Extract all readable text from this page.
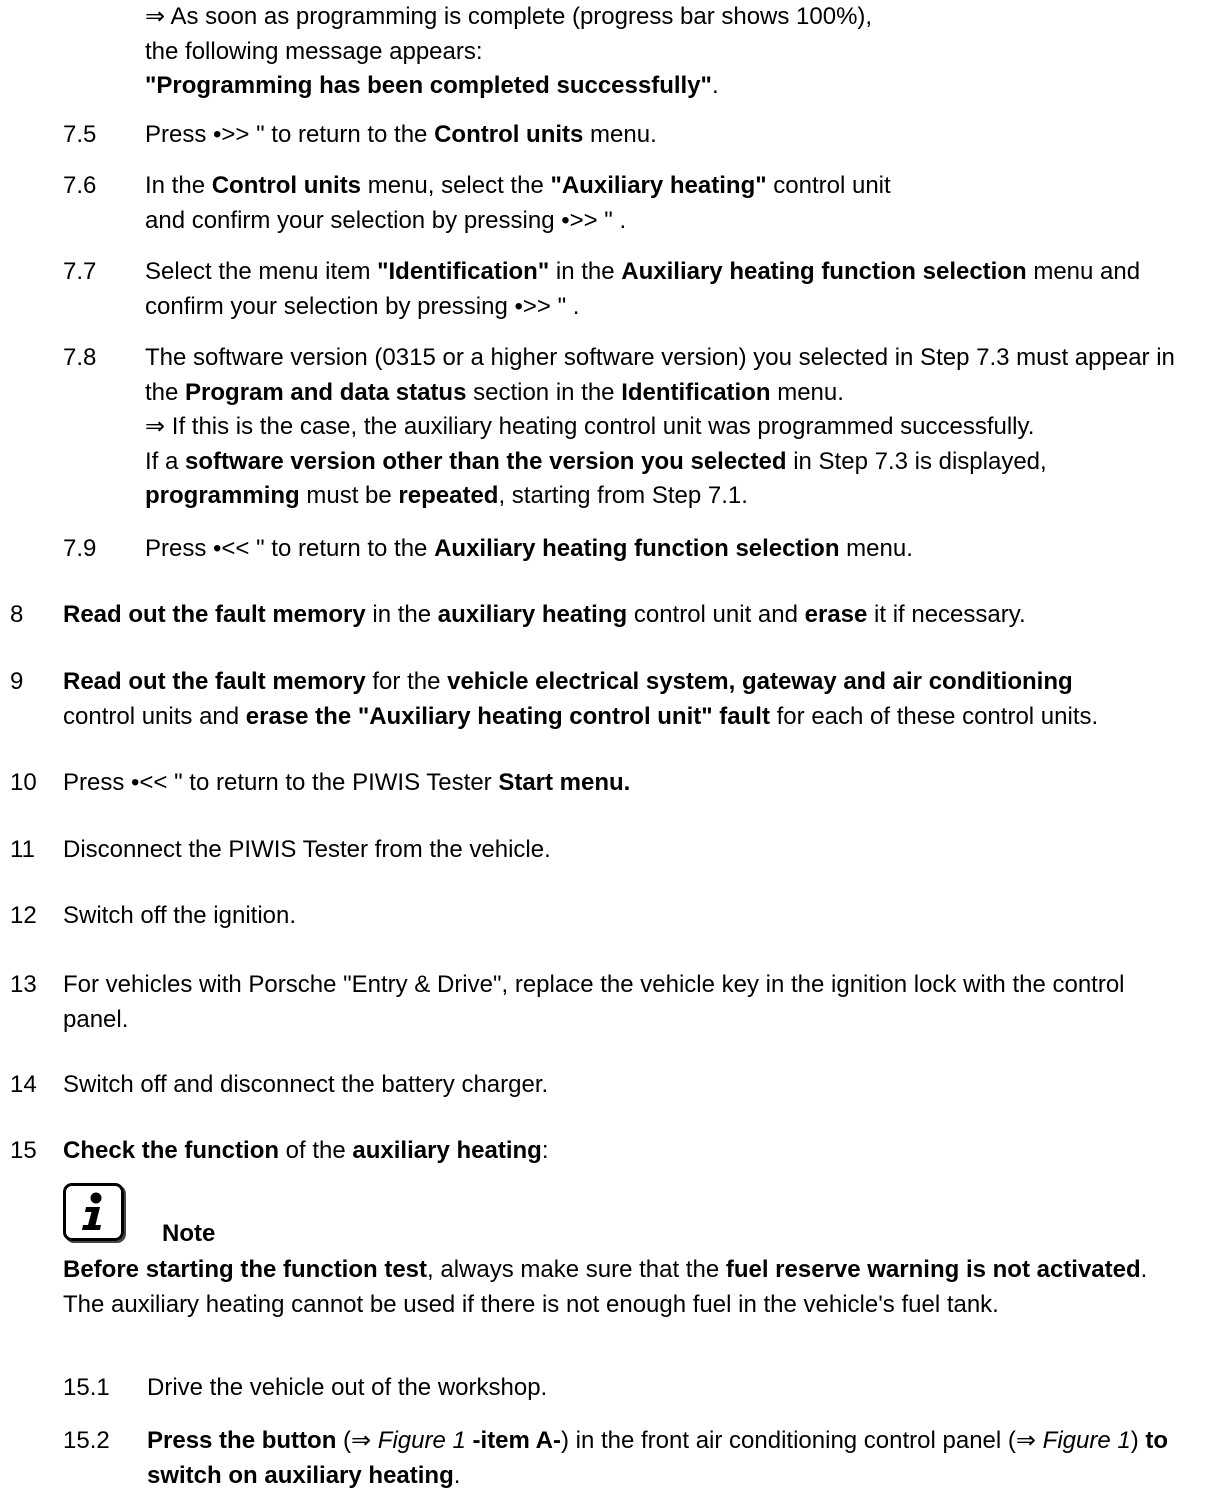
⇒ As soon as programming is complete (progress bar shows 100%),
the following message appears:
"Programming has been completed successfully".
7.5 Press •>> " to return to the Control units menu.
7.6 In the Control units menu, select the "Auxiliary heating" control unit
and confirm your selection by pressing •>> " .
7.7 Select the menu item "Identification" in the Auxiliary heating function selection menu and
confirm your selection by pressing •>> " .
7.8 The software version (0315 or a higher software version) you selected in Step 7.3 must appear in
the Program and data status section in the Identification menu.
⇒ If this is the case, the auxiliary heating control unit was programmed successfully.
If a software version other than the version you selected in Step 7.3 is displayed,
programming must be repeated, starting from Step 7.1.
7.9 Press •<< " to return to the Auxiliary heating function selection menu.
8 Read out the fault memory in the auxiliary heating control unit and erase it if necessary.
9 Read out the fault memory for the vehicle electrical system, gateway and air conditioning
control units and erase the "Auxiliary heating control unit" fault for each of these control units.
10 Press •<< " to return to the PIWIS Tester Start menu.
11 Disconnect the PIWIS Tester from the vehicle.
12 Switch off the ignition.
13 For vehicles with Porsche "Entry & Drive", replace the vehicle key in the ignition lock with the control
panel.
14 Switch off and disconnect the battery charger.
15 Check the function of the auxiliary heating:
Note
Before starting the function test, always make sure that the fuel reserve warning is not activated.
The auxiliary heating cannot be used if there is not enough fuel in the vehicle's fuel tank.
15.1 Drive the vehicle out of the workshop.
15.2 Press the button (⇒ Figure 1 -item A-) in the front air conditioning control panel (⇒ Figure 1) to
switch on auxiliary heating.
